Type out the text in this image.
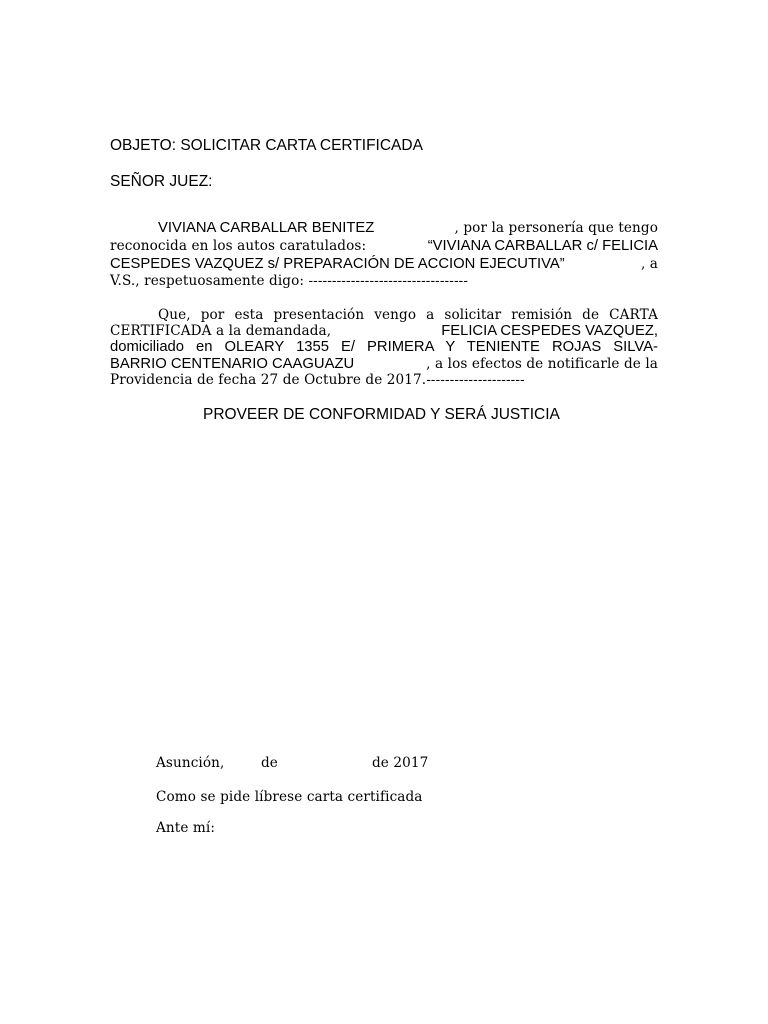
OBJETO: SOLICITAR CARTA CERTIFICADA
SEÑOR JUEZ:
VIVIANA CARBALLAR BENITEZ	, por la personería que tengo
reconocida en los autos caratulados:	“VIVIANA CARBALLAR c/ FELICIA
CESPEDES VAZQUEZ s/ PREPARACIÓN DE ACCION EJECUTIVA”	, a
V.S., respetuosamente digo: ----------------------------------
Que, por esta presentación vengo a solicitar remisión de CARTA
CERTIFICADA a la demandada,	FELICIA CESPEDES VAZQUEZ,
domiciliado en OLEARY 1355 E/ PRIMERA Y TENIENTE ROJAS SILVA-
BARRIO CENTENARIO CAAGUAZU	, a los efectos de notificarle de la
Providencia de fecha 27 de Octubre de 2017.---------------------
PROVEER DE CONFORMIDAD Y SERÁ JUSTICIA
Asunción,	de	de 2017
Como se pide líbrese carta certificada
Ante mí:
